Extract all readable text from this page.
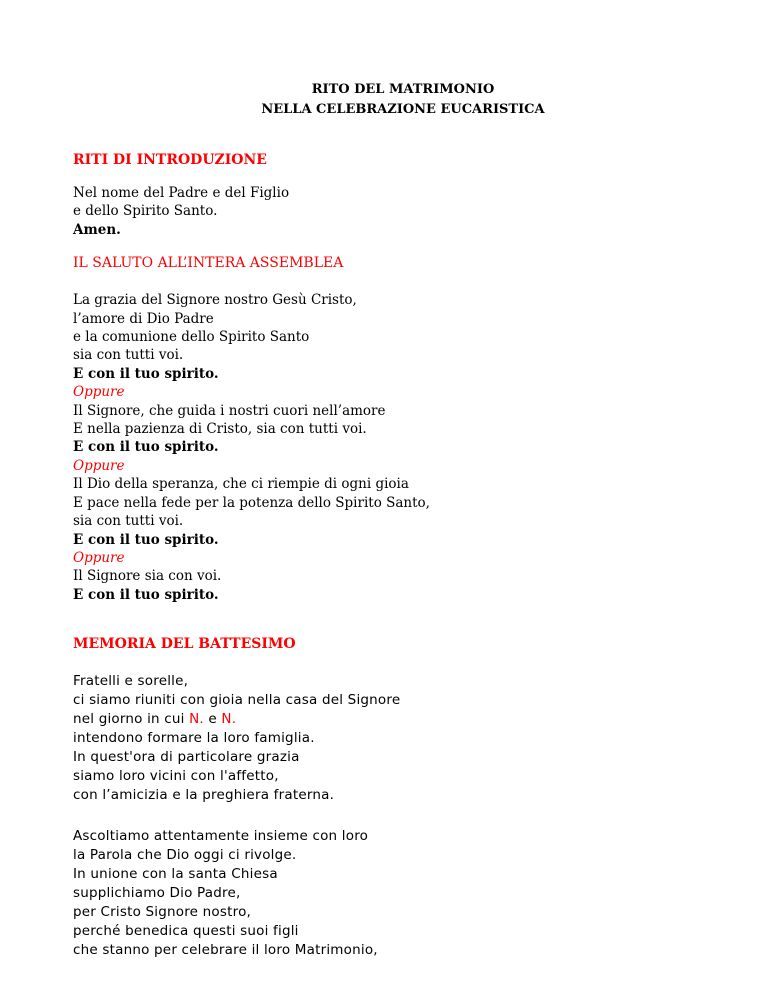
RITO DEL MATRIMONIO

NELLA CELEBRAZIONE EUCARISTICA

RITI DI INTRODUZIONE

Nel nome del Padre e del Figlio

e dello Spirito Santo.

Amen.

IL SALUTO ALL’INTERA ASSEMBLEA

La grazia del Signore nostro Gesù Cristo,

l’amore di Dio Padre

e la comunione dello Spirito Santo

sia con tutti voi.

E con il tuo spirito.

Oppure

Il Signore, che guida i nostri cuori nell’amore

E nella pazienza di Cristo, sia con tutti voi.

E con il tuo spirito.

Oppure

Il Dio della speranza, che ci riempie di ogni gioia

E pace nella fede per la potenza dello Spirito Santo,

sia con tutti voi.

E con il tuo spirito.

Oppure

Il Signore sia con voi.

E con il tuo spirito.

MEMORIA DEL BATTESIMO

Fratelli e sorelle,

ci siamo riuniti con gioia nella casa del Signore

nel giorno in cui N. e N.

intendono formare la loro famiglia.

In quest'ora di particolare grazia

siamo loro vicini con l'affetto,

con l’amicizia e la preghiera fraterna.

Ascoltiamo attentamente insieme con loro

la Parola che Dio oggi ci rivolge.

In unione con la santa Chiesa

supplichiamo Dio Padre,

per Cristo Signore nostro,

perché benedica questi suoi figli

che stanno per celebrare il loro Matrimonio,
